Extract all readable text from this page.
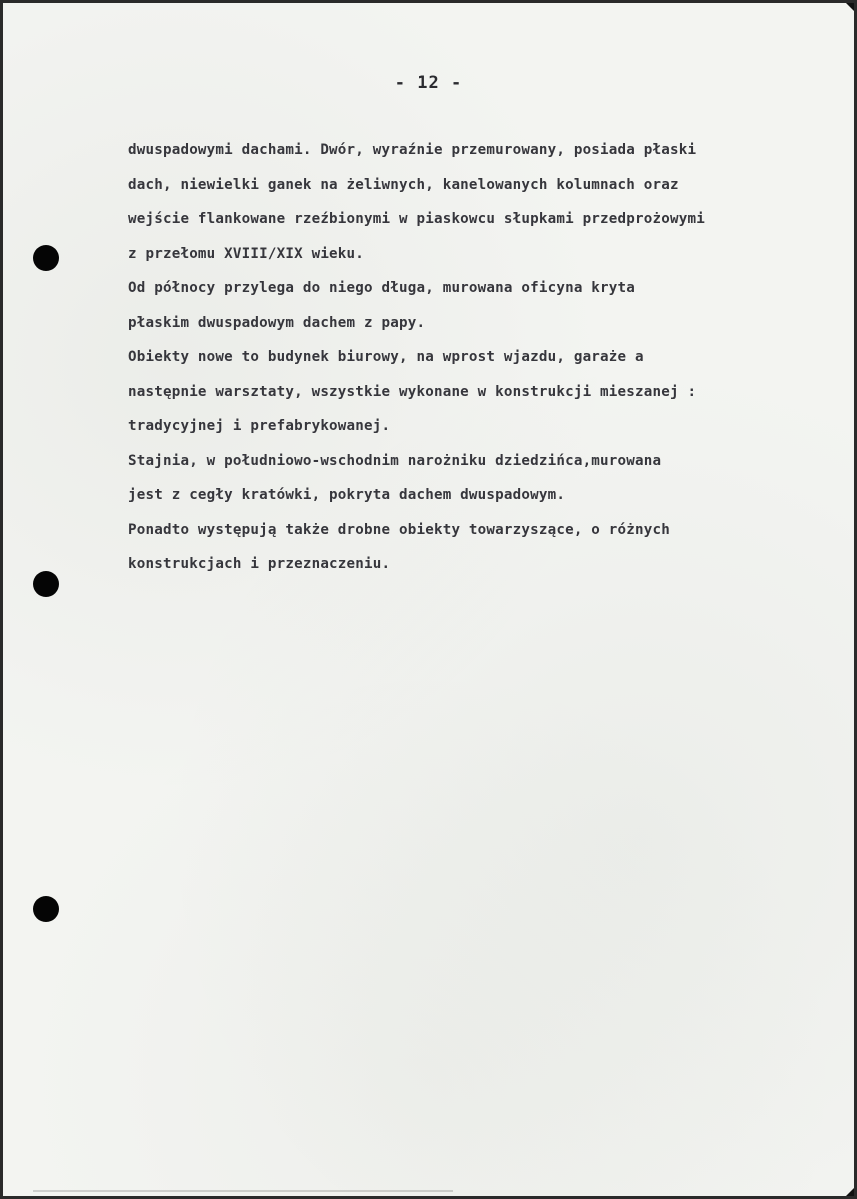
- 12 -
dwuspadowymi dachami. Dwór, wyraźnie przemurowany, posiada płaski
dach, niewielki ganek na żeliwnych, kanelowanych kolumnach oraz
wejście flankowane rzeźbionymi w piaskowcu słupkami przedprożowymi
z przełomu XVIII/XIX wieku.
Od północy przylega do niego długa, murowana oficyna kryta
płaskim dwuspadowym dachem z papy.
Obiekty nowe to budynek biurowy, na wprost wjazdu, garaże a
następnie warsztaty, wszystkie wykonane w konstrukcji mieszanej :
tradycyjnej i prefabrykowanej.
Stajnia, w południowo-wschodnim narożniku dziedzińca,murowana
jest z cegły kratówki, pokryta dachem dwuspadowym.
Ponadto występują także drobne obiekty towarzyszące, o różnych
konstrukcjach i przeznaczeniu.
